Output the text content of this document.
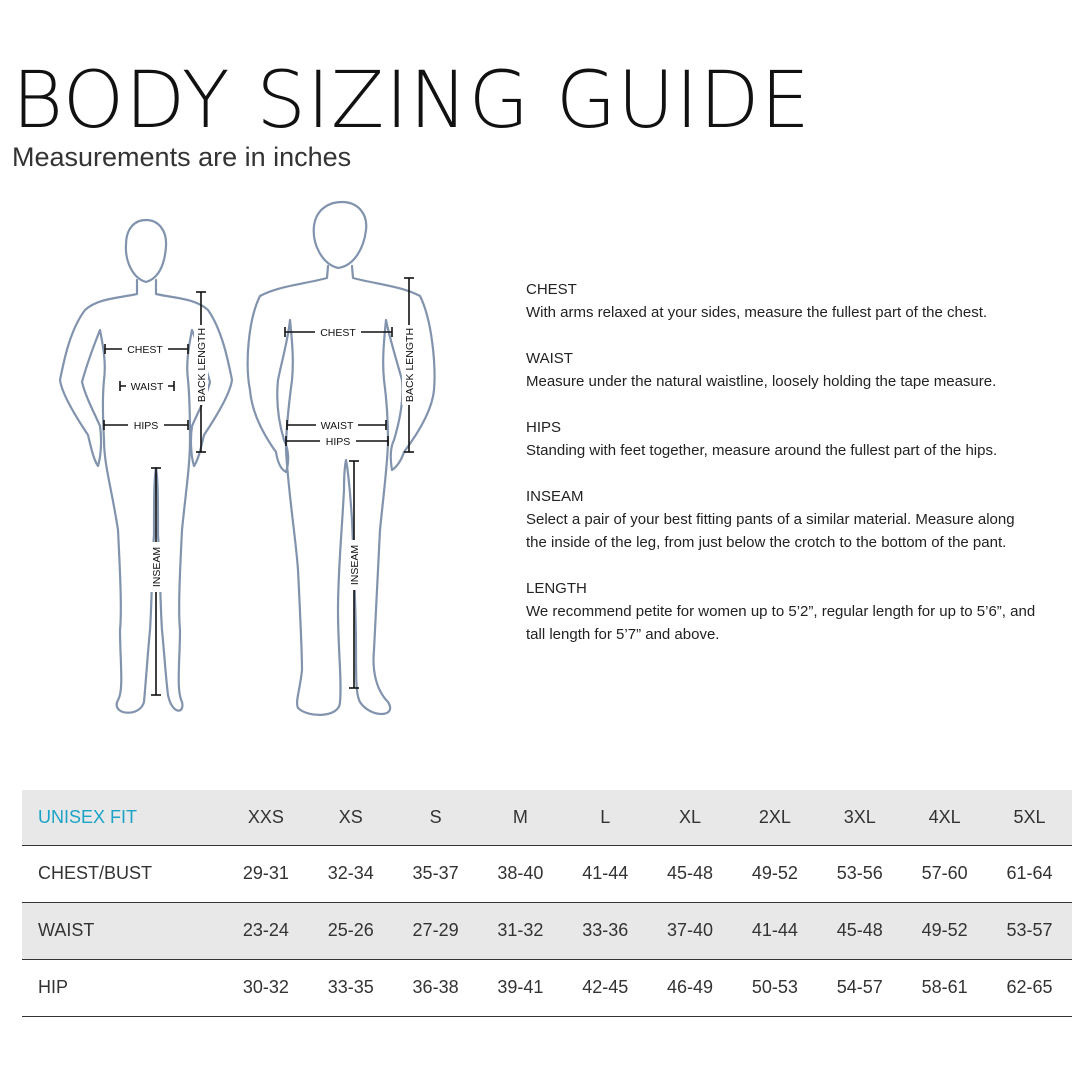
BODY SIZING GUIDE
Measurements are in inches
CHEST
WAIST
HIPS
BACK LENGTH
INSEAM
CHEST
WAIST
HIPS
BACK LENGTH
INSEAM
CHEST
With arms relaxed at your sides, measure the fullest part of the chest.
WAIST
Measure under the natural waistline, loosely holding the tape measure.
HIPS
Standing with feet together, measure around the fullest part of the hips.
INSEAM
Select a pair of your best fitting pants of a similar material. Measure along the inside of the leg, from just below the crotch to the bottom of the pant.
LENGTH
We recommend petite for women up to 5’2”, regular length for up to 5’6”, and tall length for 5’7” and above.
UNISEX FIT	XXS	XS	S	M	L	XL	2XL	3XL	4XL	5XL
CHEST/BUST	29-31	32-34	35-37	38-40	41-44	45-48	49-52	53-56	57-60	61-64
WAIST	23-24	25-26	27-29	31-32	33-36	37-40	41-44	45-48	49-52	53-57
HIP	30-32	33-35	36-38	39-41	42-45	46-49	50-53	54-57	58-61	62-65
